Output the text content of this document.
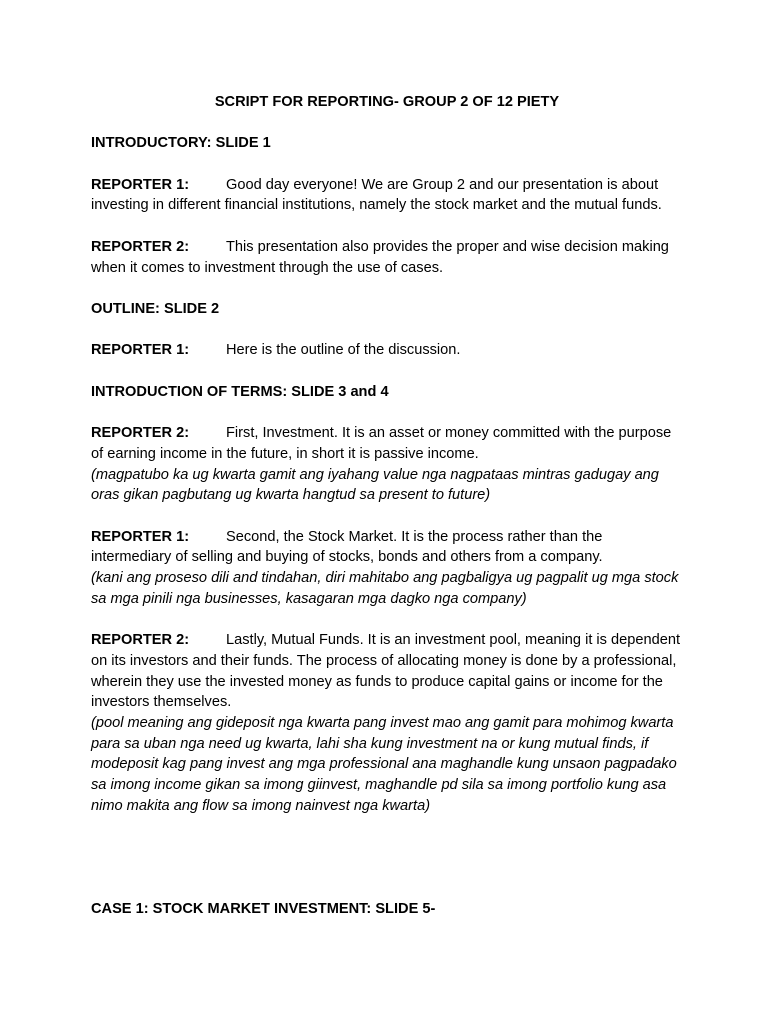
SCRIPT FOR REPORTING- GROUP 2 OF 12 PIETY
INTRODUCTORY: SLIDE 1
REPORTER 1:	Good day everyone! We are Group 2 and our presentation is about investing in different financial institutions, namely the stock market and the mutual funds.
REPORTER 2:	This presentation also provides the proper and wise decision making when it comes to investment through the use of cases.
OUTLINE: SLIDE 2
REPORTER 1:	Here is the outline of the discussion.
INTRODUCTION OF TERMS: SLIDE 3 and 4
REPORTER 2:	First, Investment. It is an asset or money committed with the purpose of earning income in the future, in short it is passive income.
(magpatubo ka ug kwarta gamit ang iyahang value nga nagpataas mintras gadugay ang oras gikan pagbutang ug kwarta hangtud sa present to future)
REPORTER 1:	Second, the Stock Market. It is the process rather than the intermediary of selling and buying of stocks, bonds and others from a company.
(kani ang proseso dili and tindahan, diri mahitabo ang pagbaligya ug pagpalit ug mga stock sa mga pinili nga businesses, kasagaran mga dagko nga company)
REPORTER 2:	Lastly, Mutual Funds. It is an investment pool, meaning it is dependent on its investors and their funds. The process of allocating money is done by a professional, wherein they use the invested money as funds to produce capital gains or income for the investors themselves.
(pool meaning ang gideposit nga kwarta pang invest mao ang gamit para mohimog kwarta para sa uban nga need ug kwarta, lahi sha kung investment na or kung mutual finds, if modeposit kag pang invest ang mga professional ana maghandle kung unsaon pagpadako sa imong income gikan sa imong giinvest, maghandle pd sila sa imong portfolio kung asa nimo makita ang flow sa imong nainvest nga kwarta)
CASE 1: STOCK MARKET INVESTMENT: SLIDE 5-
